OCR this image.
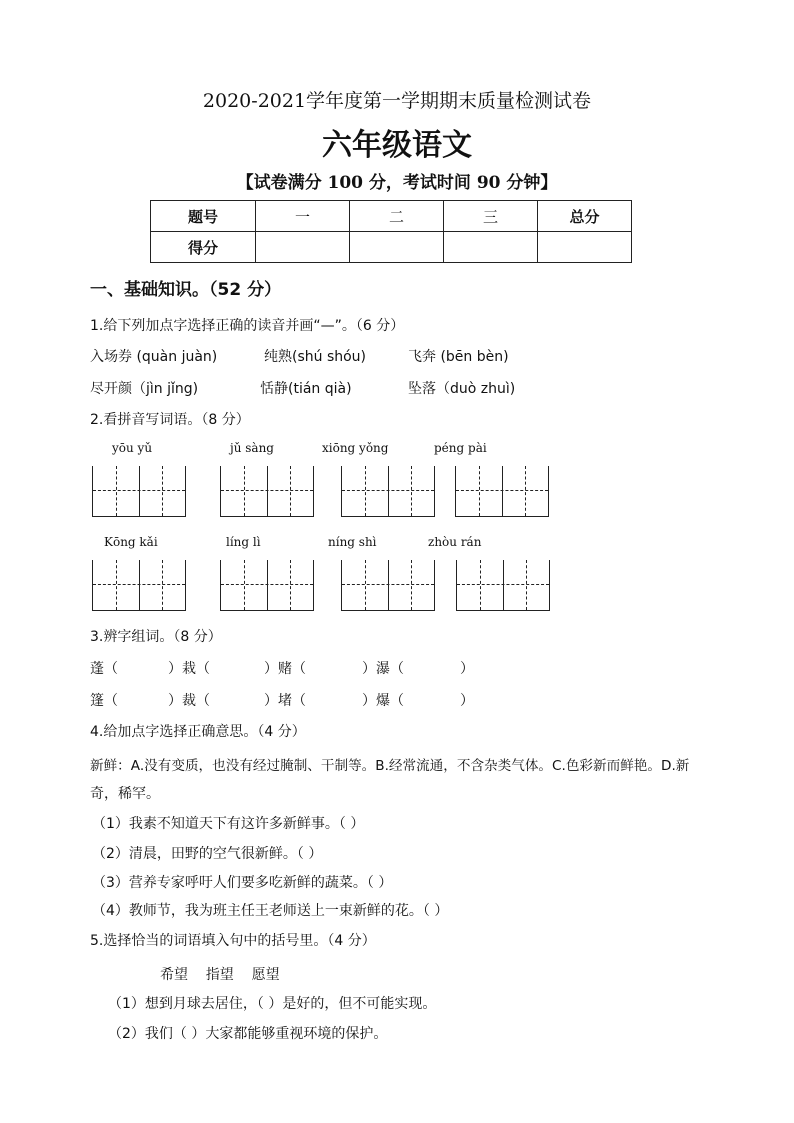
2020-2021学年度第一学期期末质量检测试卷
六年级语文
【试卷满分 100 分，考试时间 90 分钟】
题号	一	二	三	总分
得分				
一、基础知识。（52 分）
1.给下列加点字选择正确的读音并画“—”。（6 分）
入场券 (quàn juàn)	纯熟(shú shóu)	飞奔 (bēn bèn)
尽开颜（jìn jǐng)	恬静(tián qià)	坠落（duò zhuì)
2.看拼音写词语。（8 分）
yōu yǔ	jǔ sàng	xiōng yǒng	péng pài
Kōng kǎi	líng lì	níng shì	zhòu rán
3.辨字组词。（8 分）
蓬（	）栽（	）赌（	）瀑（	）
篷（	）裁（	）堵（	）爆（	）
4.给加点字选择正确意思。（4 分）
新鲜：A.没有变质，也没有经过腌制、干制等。B.经常流通，不含杂类气体。C.色彩新而鲜艳。D.新
奇，稀罕。
（1）我素不知道天下有这许多新鲜事。（ ）
（2）清晨，田野的空气很新鲜。（ ）
（3）营养专家呼吁人们要多吃新鲜的蔬菜。（ ）
（4）教师节，我为班主任王老师送上一束新鲜的花。（ ）
5.选择恰当的词语填入句中的括号里。（4 分）
希望    指望    愿望
（1）想到月球去居住，（ ）是好的，但不可能实现。
（2）我们（ ）大家都能够重视环境的保护。
